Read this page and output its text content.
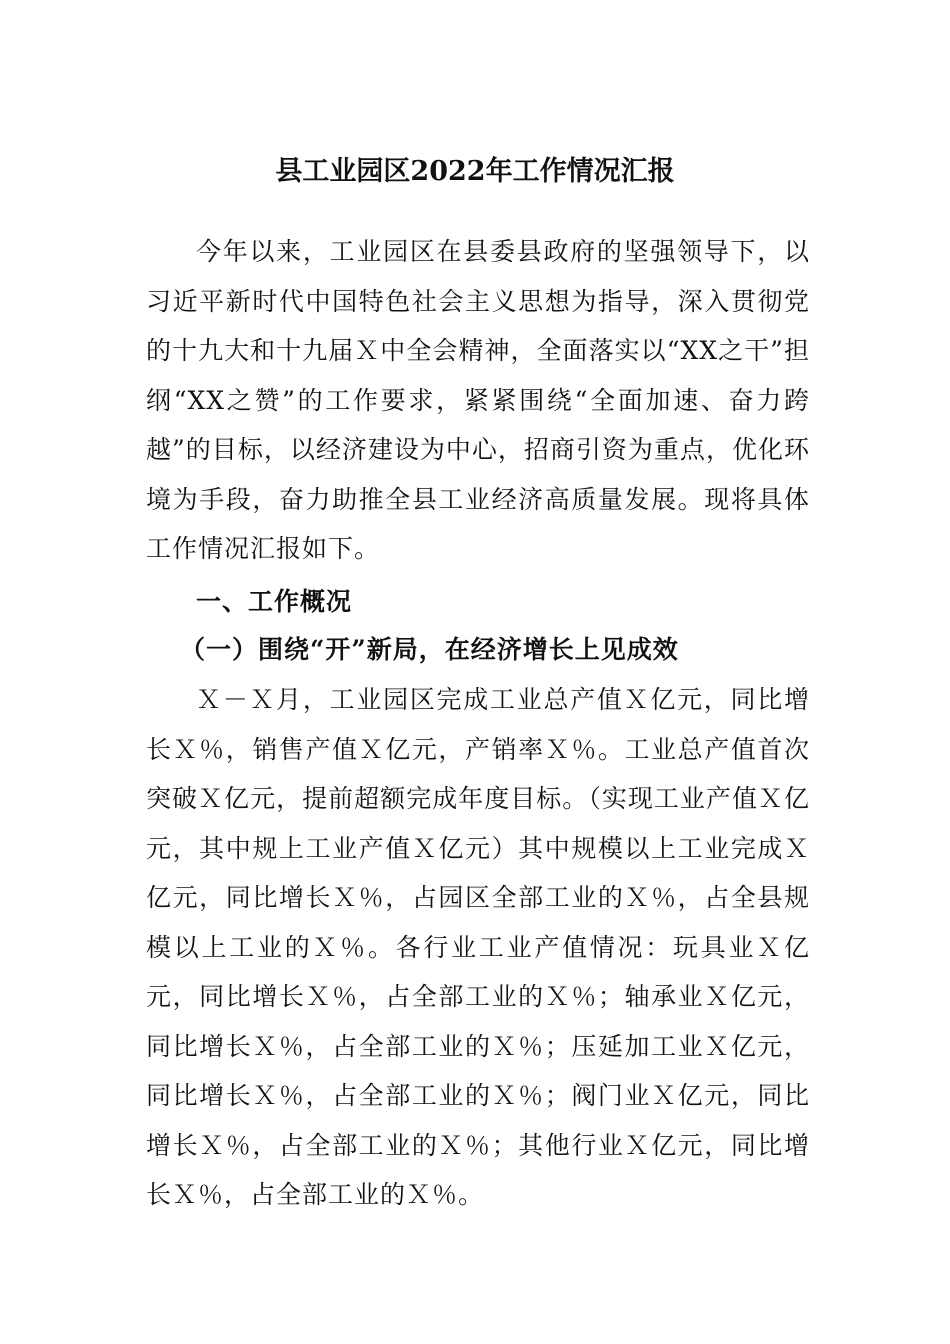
县工业园区2022年工作情况汇报

今年以来，工业园区在县委县政府的坚强领导下，以习近平新时代中国特色社会主义思想为指导，深入贯彻党的十九大和十九届Ｘ中全会精神，全面落实以“XX之干”担纲“XX之赞”的工作要求，紧紧围绕“全面加速、奋力跨越”的目标，以经济建设为中心，招商引资为重点，优化环境为手段，奋力助推全县工业经济高质量发展。现将具体工作情况汇报如下。

一、工作概况
（一）围绕“开”新局，在经济增长上见成效

Ｘ－Ｘ月，工业园区完成工业总产值Ｘ亿元，同比增长Ｘ％，销售产值Ｘ亿元，产销率Ｘ％。工业总产值首次突破Ｘ亿元，提前超额完成年度目标。（实现工业产值Ｘ亿元，其中规上工业产值Ｘ亿元）其中规模以上工业完成Ｘ亿元，同比增长Ｘ％，占园区全部工业的Ｘ％，占全县规模以上工业的Ｘ％。各行业工业产值情况：玩具业Ｘ亿元，同比增长Ｘ％，占全部工业的Ｘ％；轴承业Ｘ亿元，同比增长Ｘ％，占全部工业的Ｘ％；压延加工业Ｘ亿元，同比增长Ｘ％，占全部工业的Ｘ％；阀门业Ｘ亿元，同比增长Ｘ％，占全部工业的Ｘ％；其他行业Ｘ亿元，同比增长Ｘ％，占全部工业的Ｘ％。
